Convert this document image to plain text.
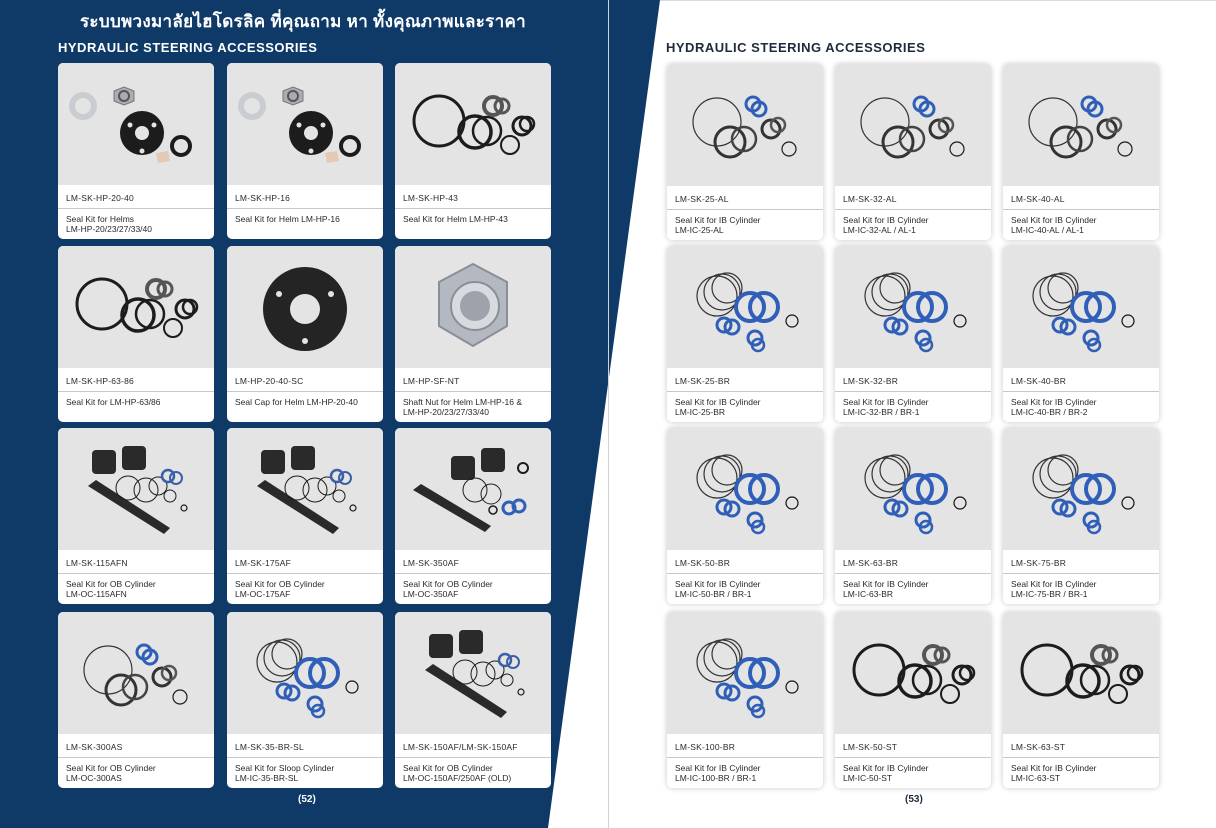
ระบบพวงมาลัยไฮโดรลิค ที่คุณถาม หา ทั้งคุณภาพและราคา
HYDRAULIC STEERING ACCESSORIES	HYDRAULIC STEERING ACCESSORIES
LM-SK-HP-20-40
Seal Kit for Helms
LM-HP-20/23/27/33/40
LM-SK-HP-16
Seal Kit for Helm LM-HP-16
LM-SK-HP-43
Seal Kit for Helm LM-HP-43
LM-SK-HP-63-86
Seal Kit for LM-HP-63/86
LM-HP-20-40-SC
Seal Cap for Helm LM-HP-20-40
LM-HP-SF-NT
Shaft Nut for Helm LM-HP-16 &
LM-HP-20/23/27/33/40
LM-SK-115AFN
Seal Kit for OB Cylinder
LM-OC-115AFN
LM-SK-175AF
Seal Kit for OB Cylinder
LM-OC-175AF
LM-SK-350AF
Seal Kit for OB Cylinder
LM-OC-350AF
LM-SK-300AS
Seal Kit for OB Cylinder
LM-OC-300AS
LM-SK-35-BR-SL
Seal Kit for Sloop Cylinder
LM-IC-35-BR-SL
LM-SK-150AF/LM-SK-150AF
Seal Kit for OB Cylinder
LM-OC-150AF/250AF (OLD)
LM-SK-25-AL
Seal Kit for IB Cylinder
LM-IC-25-AL
LM-SK-32-AL
Seal Kit for IB Cylinder
LM-IC-32-AL / AL-1
LM-SK-40-AL
Seal Kit for IB Cylinder
LM-IC-40-AL / AL-1
LM-SK-25-BR
Seal Kit for IB Cylinder
LM-IC-25-BR
LM-SK-32-BR
Seal Kit for IB Cylinder
LM-IC-32-BR / BR-1
LM-SK-40-BR
Seal Kit for IB Cylinder
LM-IC-40-BR / BR-2
LM-SK-50-BR
Seal Kit for IB Cylinder
LM-IC-50-BR / BR-1
LM-SK-63-BR
Seal Kit for IB Cylinder
LM-IC-63-BR
LM-SK-75-BR
Seal Kit for IB Cylinder
LM-IC-75-BR / BR-1
LM-SK-100-BR
Seal Kit for IB Cylinder
LM-IC-100-BR / BR-1
LM-SK-50-ST
Seal Kit for IB Cylinder
LM-IC-50-ST
LM-SK-63-ST
Seal Kit for IB Cylinder
LM-IC-63-ST
(52)	(53)
